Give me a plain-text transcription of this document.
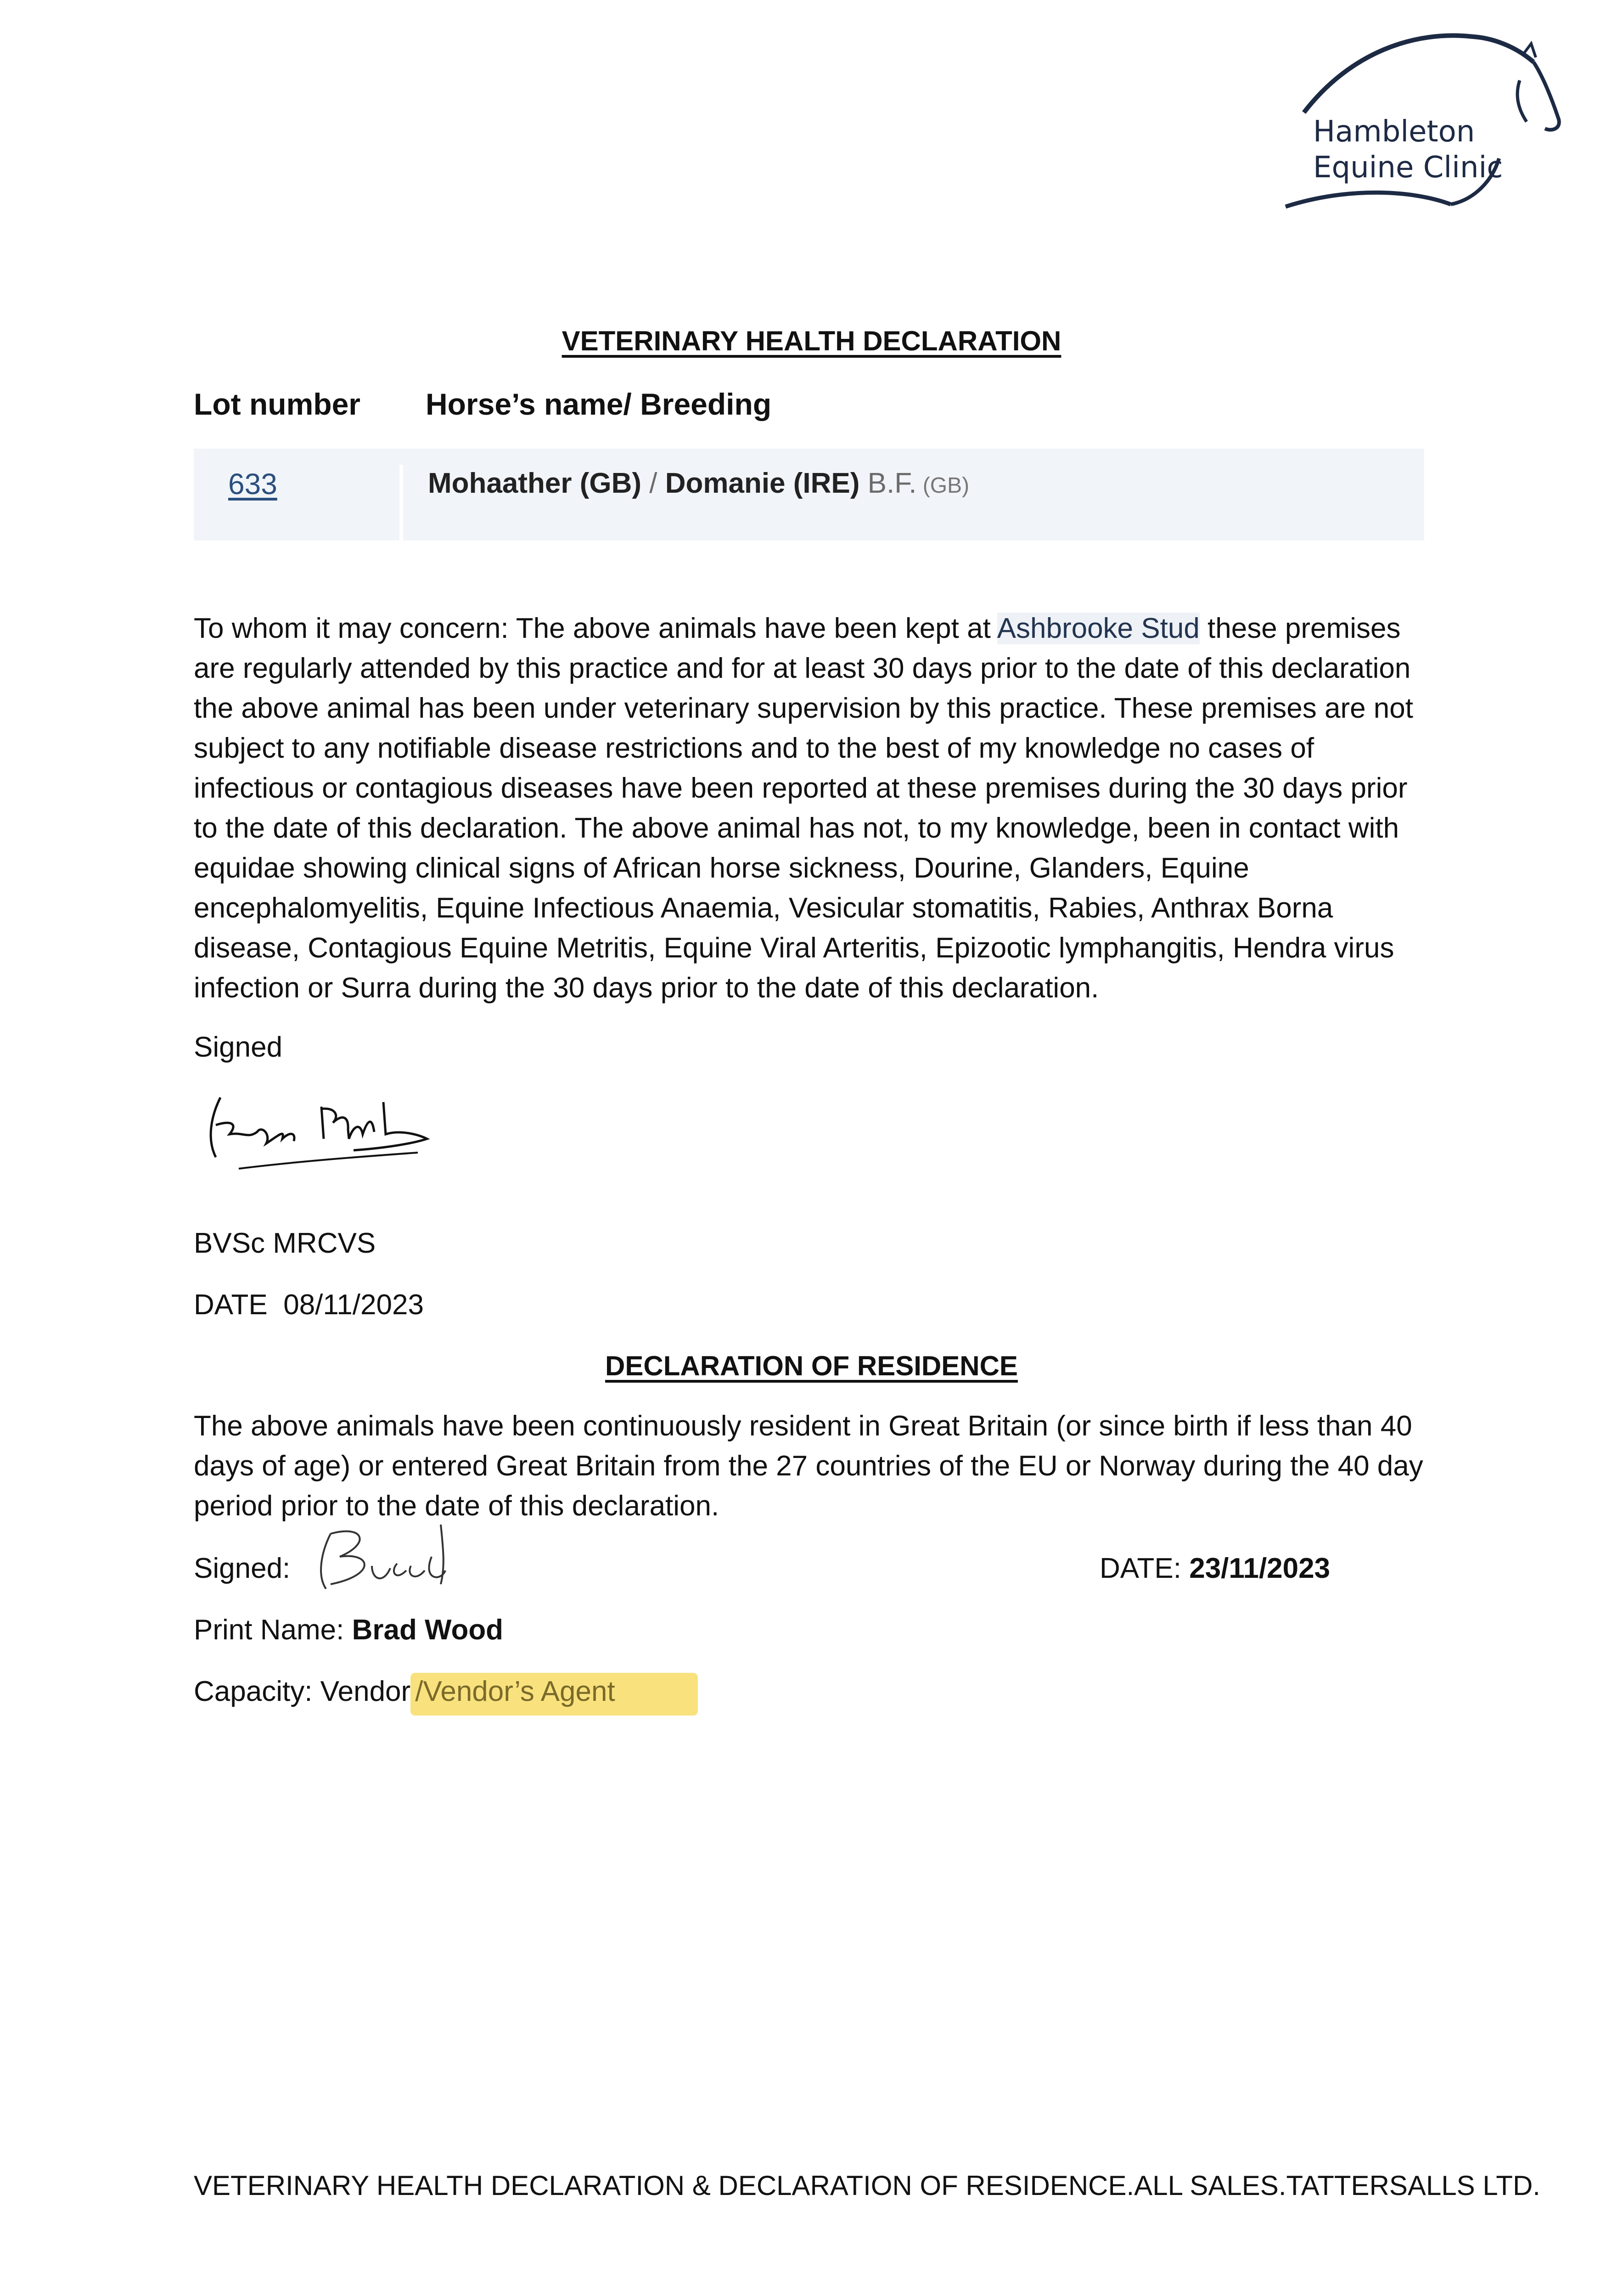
Hambleton
Equine Clinic
VETERINARY HEALTH DECLARATION
Lot number Horse’s name/ Breeding
633	Mohaather (GB) / Domanie (IRE) B.F. (GB)
To whom it may concern: The above animals have been kept at Ashbrooke Stud these premises are regularly attended by this practice and for at least 30 days prior to the date of this declaration the above animal has been under veterinary supervision by this practice. These premises are not subject to any notifiable disease restrictions and to the best of my knowledge no cases of infectious or contagious diseases have been reported at these premises during the 30 days prior to the date of this declaration. The above animal has not, to my knowledge, been in contact with equidae showing clinical signs of African horse sickness, Dourine, Glanders, Equine encephalomyelitis, Equine Infectious Anaemia, Vesicular stomatitis, Rabies, Anthrax Borna disease, Contagious Equine Metritis, Equine Viral Arteritis, Epizootic lymphangitis, Hendra virus infection or Surra during the 30 days prior to the date of this declaration.
Signed
BVSc MRCVS
DATE 08/11/2023
DECLARATION OF RESIDENCE
The above animals have been continuously resident in Great Britain (or since birth if less than 40 days of age) or entered Great Britain from the 27 countries of the EU or Norway during the 40 day period prior to the date of this declaration.
Signed:	DATE: 23/11/2023
Print Name: Brad Wood
Capacity: Vendor /Vendor’s Agent
VETERINARY HEALTH DECLARATION & DECLARATION OF RESIDENCE.ALL SALES.TATTERSALLS LTD.
